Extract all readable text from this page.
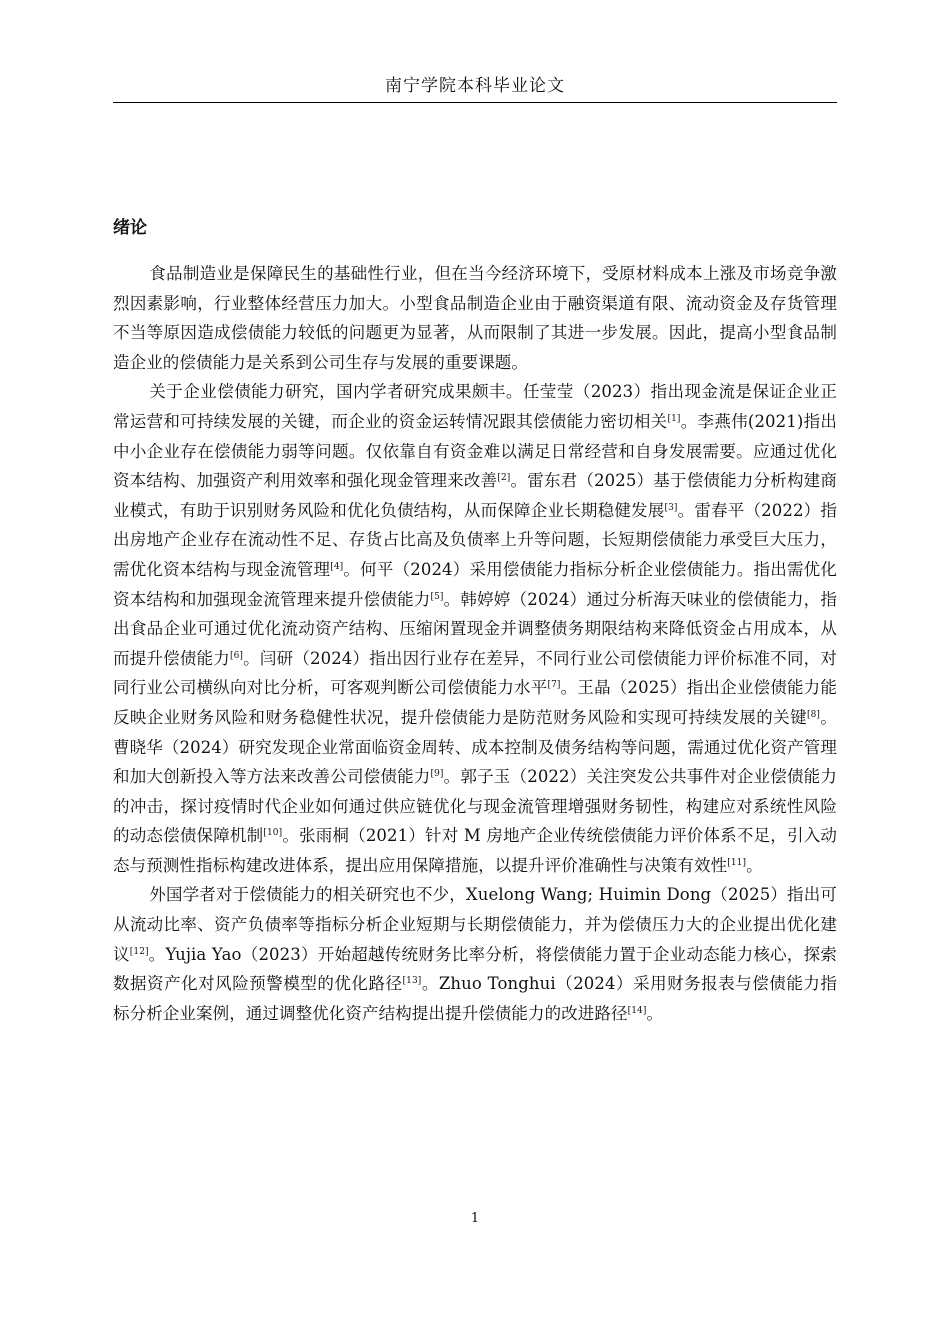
南宁学院本科毕业论文
绪论

食品制造业是保障民生的基础性行业，但在当今经济环境下，受原材料成本上涨及市场竞争激烈因素影响，行业整体经营压力加大。小型食品制造企业由于融资渠道有限、流动资金及存货管理不当等原因造成偿债能力较低的问题更为显著，从而限制了其进一步发展。因此，提高小型食品制造企业的偿债能力是关系到公司生存与发展的重要课题。

关于企业偿债能力研究，国内学者研究成果颇丰。任莹莹（2023）指出现金流是保证企业正常运营和可持续发展的关键，而企业的资金运转情况跟其偿债能力密切相关[1]。李燕伟(2021)指出中小企业存在偿债能力弱等问题。仅依靠自有资金难以满足日常经营和自身发展需要。应通过优化资本结构、加强资产利用效率和强化现金管理来改善[2]。雷东君（2025）基于偿债能力分析构建商业模式，有助于识别财务风险和优化负债结构，从而保障企业长期稳健发展[3]。雷春平（2022）指出房地产企业存在流动性不足、存货占比高及负债率上升等问题，长短期偿债能力承受巨大压力，需优化资本结构与现金流管理[4]。何平（2024）采用偿债能力指标分析企业偿债能力。指出需优化资本结构和加强现金流管理来提升偿债能力[5]。韩婷婷（2024）通过分析海天味业的偿债能力，指出食品企业可通过优化流动资产结构、压缩闲置现金并调整债务期限结构来降低资金占用成本，从而提升偿债能力[6]。闫研（2024）指出因行业存在差异，不同行业公司偿债能力评价标准不同，对同行业公司横纵向对比分析，可客观判断公司偿债能力水平[7]。王晶（2025）指出企业偿债能力能反映企业财务风险和财务稳健性状况，提升偿债能力是防范财务风险和实现可持续发展的关键[8]。曹晓华（2024）研究发现企业常面临资金周转、成本控制及债务结构等问题，需通过优化资产管理和加大创新投入等方法来改善公司偿债能力[9]。郭子玉（2022）关注突发公共事件对企业偿债能力的冲击，探讨疫情时代企业如何通过供应链优化与现金流管理增强财务韧性，构建应对系统性风险的动态偿债保障机制[10]。张雨桐（2021）针对 M 房地产企业传统偿债能力评价体系不足，引入动态与预测性指标构建改进体系，提出应用保障措施，以提升评价准确性与决策有效性[11]。

外国学者对于偿债能力的相关研究也不少，Xuelong Wang; Huimin Dong（2025）指出可从流动比率、资产负债率等指标分析企业短期与长期偿债能力，并为偿债压力大的企业提出优化建议[12]。Yujia Yao（2023）开始超越传统财务比率分析，将偿债能力置于企业动态能力核心，探索数据资产化对风险预警模型的优化路径[13]。Zhuo Tonghui（2024）采用财务报表与偿债能力指标分析企业案例，通过调整优化资产结构提出提升偿债能力的改进路径[14]。

1
